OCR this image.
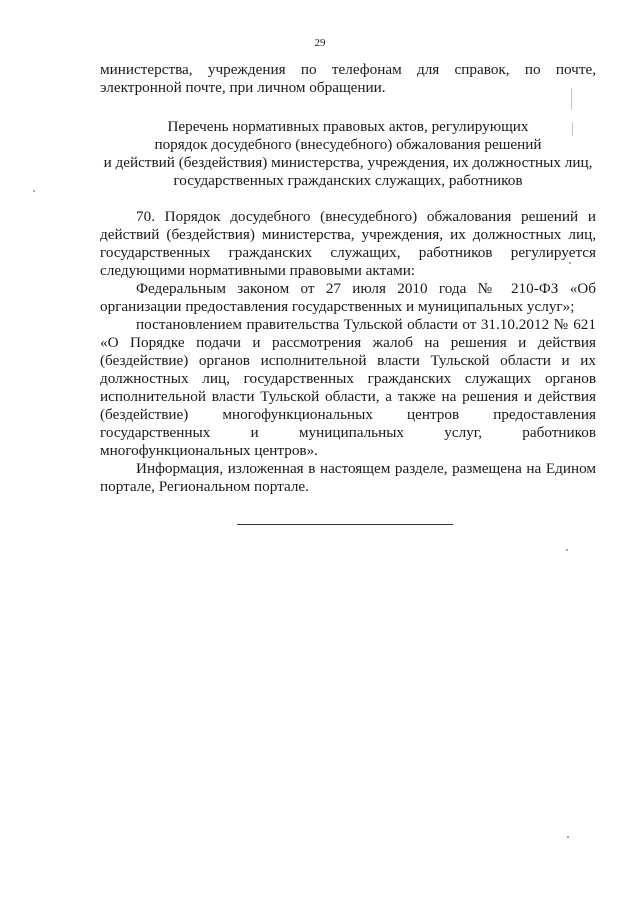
29

министерства, учреждения по телефонам для справок, по почте, электронной почте, при личном обращении.

Перечень нормативных правовых актов, регулирующих
порядок досудебного (внесудебного) обжалования решений
и действий (бездействия) министерства, учреждения, их должностных лиц,
государственных гражданских служащих, работников

70. Порядок досудебного (внесудебного) обжалования решений и действий (бездействия) министерства, учреждения, их должностных лиц, государственных гражданских служащих, работников регулируется следующими нормативными правовыми актами:

Федеральным законом от 27 июля 2010 года № 210-ФЗ «Об организации предоставления государственных и муниципальных услуг»;

постановлением правительства Тульской области от 31.10.2012 № 621 «О Порядке подачи и рассмотрения жалоб на решения и действия (бездействие) органов исполнительной власти Тульской области и их должностных лиц, государственных гражданских служащих органов исполнительной власти Тульской области, а также на решения и действия (бездействие) многофункциональных центров предоставления государственных и муниципальных услуг, работников многофункциональных центров».

Информация, изложенная в настоящем разделе, размещена на Едином портале, Региональном портале.
